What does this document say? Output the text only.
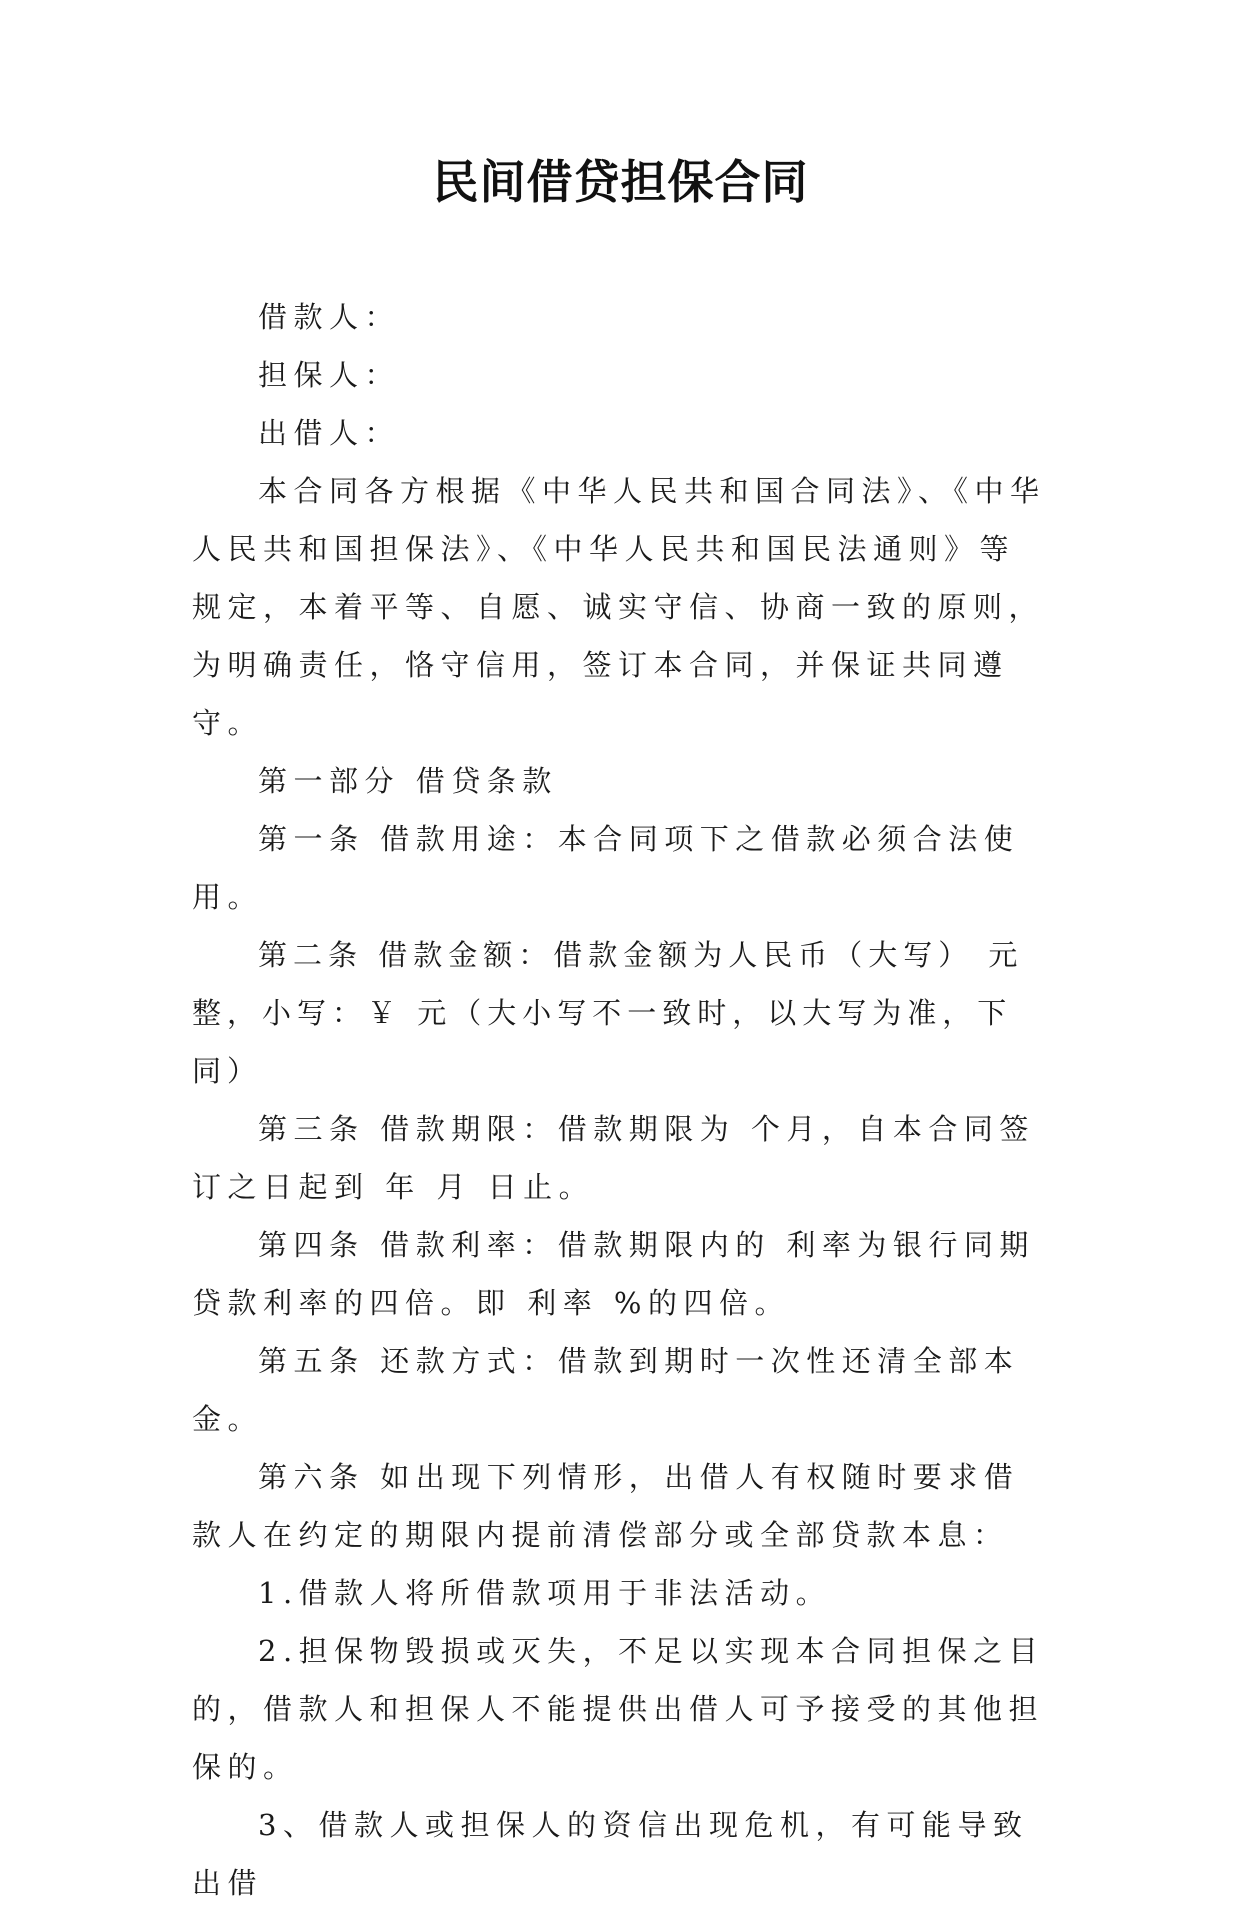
民间借贷担保合同

借款人：

担保人：

出借人：

本合同各方根据《中华人民共和国合同法》、《中华人民共和国担保法》、《中华人民共和国民法通则》等规定，本着平等、自愿、诚实守信、协商一致的原则，为明确责任，恪守信用，签订本合同，并保证共同遵守。

第一部分 借贷条款

第一条 借款用途：本合同项下之借款必须合法使用。

第二条 借款金额：借款金额为人民币（大写） 元整，小写：￥ 元（大小写不一致时，以大写为准，下同）

第三条 借款期限：借款期限为 个月，自本合同签订之日起到 年 月 日止。

第四条 借款利率：借款期限内的 利率为银行同期贷款利率的四倍。即 利率 %的四倍。

第五条 还款方式：借款到期时一次性还清全部本金。

第六条 如出现下列情形，出借人有权随时要求借款人在约定的期限内提前清偿部分或全部贷款本息：

1.借款人将所借款项用于非法活动。

2.担保物毁损或灭失，不足以实现本合同担保之目的，借款人和担保人不能提供出借人可予接受的其他担保的。

3、借款人或担保人的资信出现危机，有可能导致出借
